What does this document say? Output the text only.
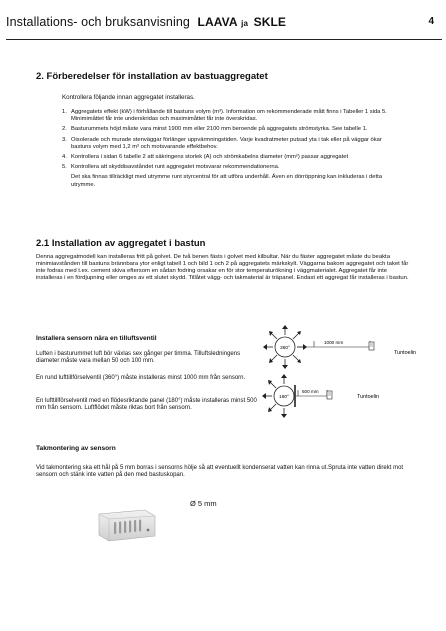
Installations- och bruksanvisning LAAVA ja SKLE	4
2. Förberedelser för installation av bastuaggregatet
Kontrollera följande innan aggregatet installeras.
1. Aggregatets effekt (kW) i förhållande till bastuns volym (m³). Information om rekommenderade mått finns i Tabeller 1 sida 5. Minimimåttet får inte underskridas och maximimåttet får inte överskridas.
2. Basturummets höjd måste vara minst 1900 mm eller 2100 mm beroende på aggregatets strömstyrka. See tabelle 1.
3. Oisolerade och murade stenväggar förlänger uppvärmningstiden. Varje kvadratmeter putsad yta i tak eller på väggar ökar bastuns volym med 1,2 m³ och motsvarande effektbehov.
4. Kontrollera i sidan 6 tabelle 2 att säkringens storlek (A) och strömkabelns diameter (mm²) passar aggregatet
5. Kontrollera att skyddisavståndet runt aggregatet motsvarar rekommendationerna.
Det ska finnas tillräckligt med utrymme runt styrcentral för att utföra underhåll. Även en dörröppning kan inkluderas i detta utrymme.
2.1 Installation av aggregatet i bastun
Denna aggregatmodell kan installeras fritt på golvet. De två benen fästs i golvet med kilbultar. När du fäster aggregatet måste du beakta minimiavstånden till bastuns brännbara ytor enligt tabell 1 och bild 1 och 2 på aggregatets märkskylt. Väggarna bakom aggregatet och taket får inte fodras med t.ex. cement skiva eftersom en sådan fodring orsakar en för stor temperaturökning i väggmaterialet. Aggregatet får inte installeras i en fördjupning eller omges av ett slutet skydd. Tillåtet vägg- och takmaterial är träpanel. Endast ett aggregat får installeras i bastun.
Installera sensorn nära en tilluftsventil
Luften i basturummet luft bör växlas sex gånger per timma. Tilluftsledningens diameter måste vara mellan 50 och 100 mm.
En rund lufttillförselventil (360°) måste installeras minst 1000 mm från sensorn.
En lufttillförselventil med en flödesriktande panel (180°) måste installeras minst 500 mm från sensorn. Luftflödet måste riktas bort från sensorn.
360°
1000 mm
Tuntoelin
180°
500 mm
Tuntoelin
Takmontering av sensorn
Vid takmontering ska ett hål på 5 mm borras i sensorns hölje så att eventuellt kondenserat vatten kan rinna ut.Spruta inte vatten direkt mot sensorn och stänk inte vatten på den med bastuskopan.
Ø 5 mm
